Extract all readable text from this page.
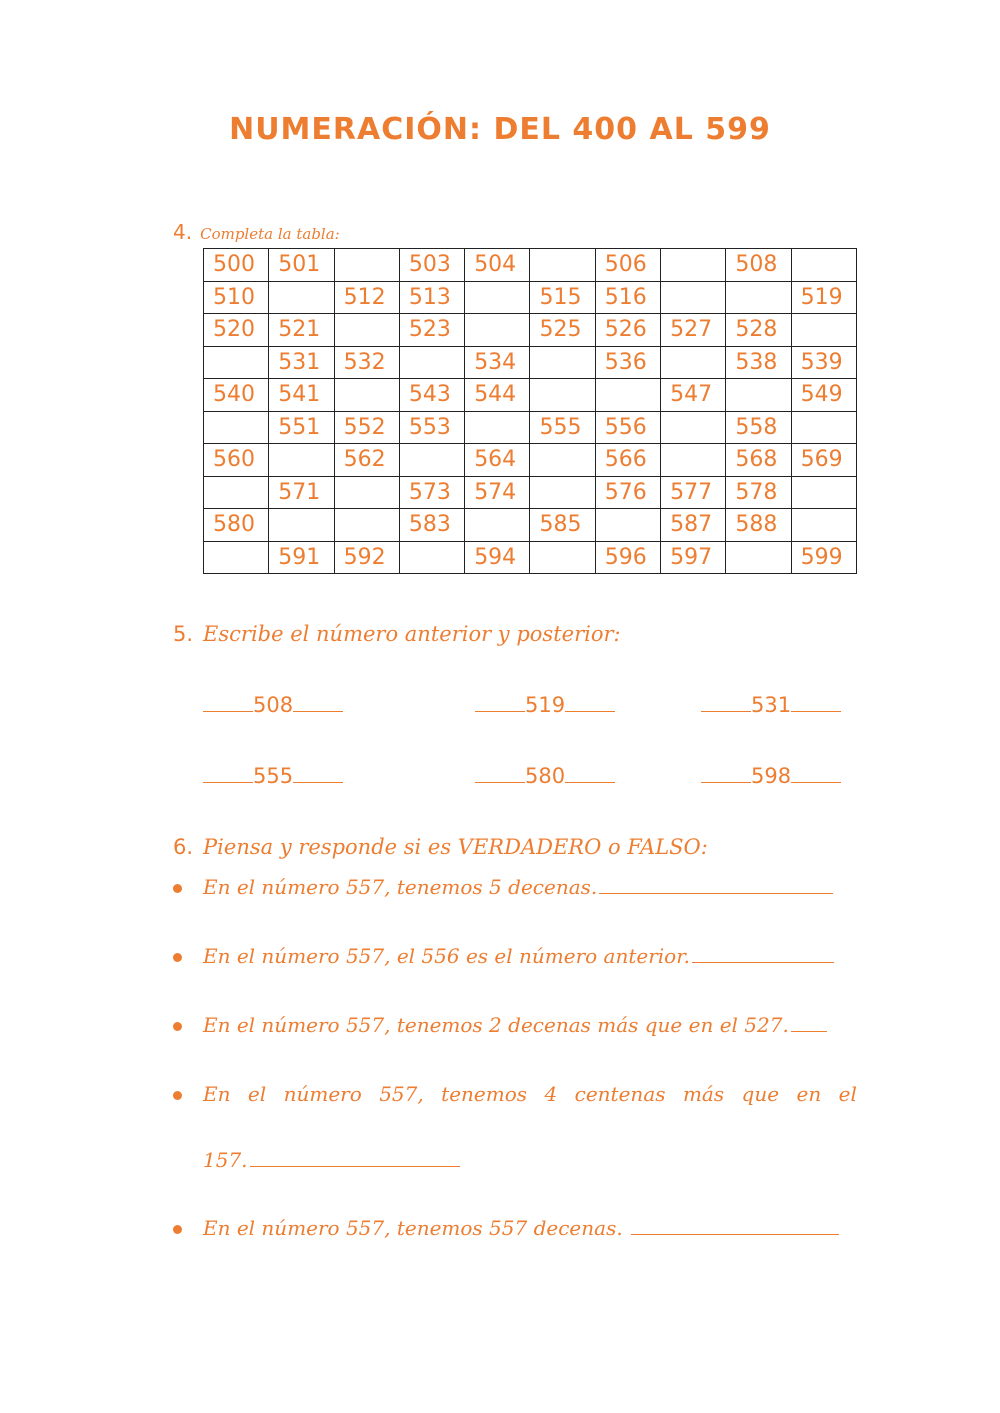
NUMERACIÓN: DEL 400 AL 599
4. Completa la tabla:
500	501		503	504		506		508	
510		512	513		515	516			519
520	521		523		525	526	527	528	
	531	532		534		536		538	539
540	541		543	544			547		549
	551	552	553		555	556		558	
560		562		564		566		568	569
	571		573	574		576	577	578	
580			583		585		587	588	
	591	592		594		596	597		599
5. Escribe el número anterior y posterior:
508	519	531
555	580	598
6. Piensa y responde si es VERDADERO o FALSO:
En el número 557, tenemos 5 decenas.
En el número 557, el 556 es el número anterior.
En el número 557, tenemos 2 decenas más que en el 527.
En el número 557, tenemos 4 centenas más que en el
157.
En el número 557, tenemos 557 decenas.
